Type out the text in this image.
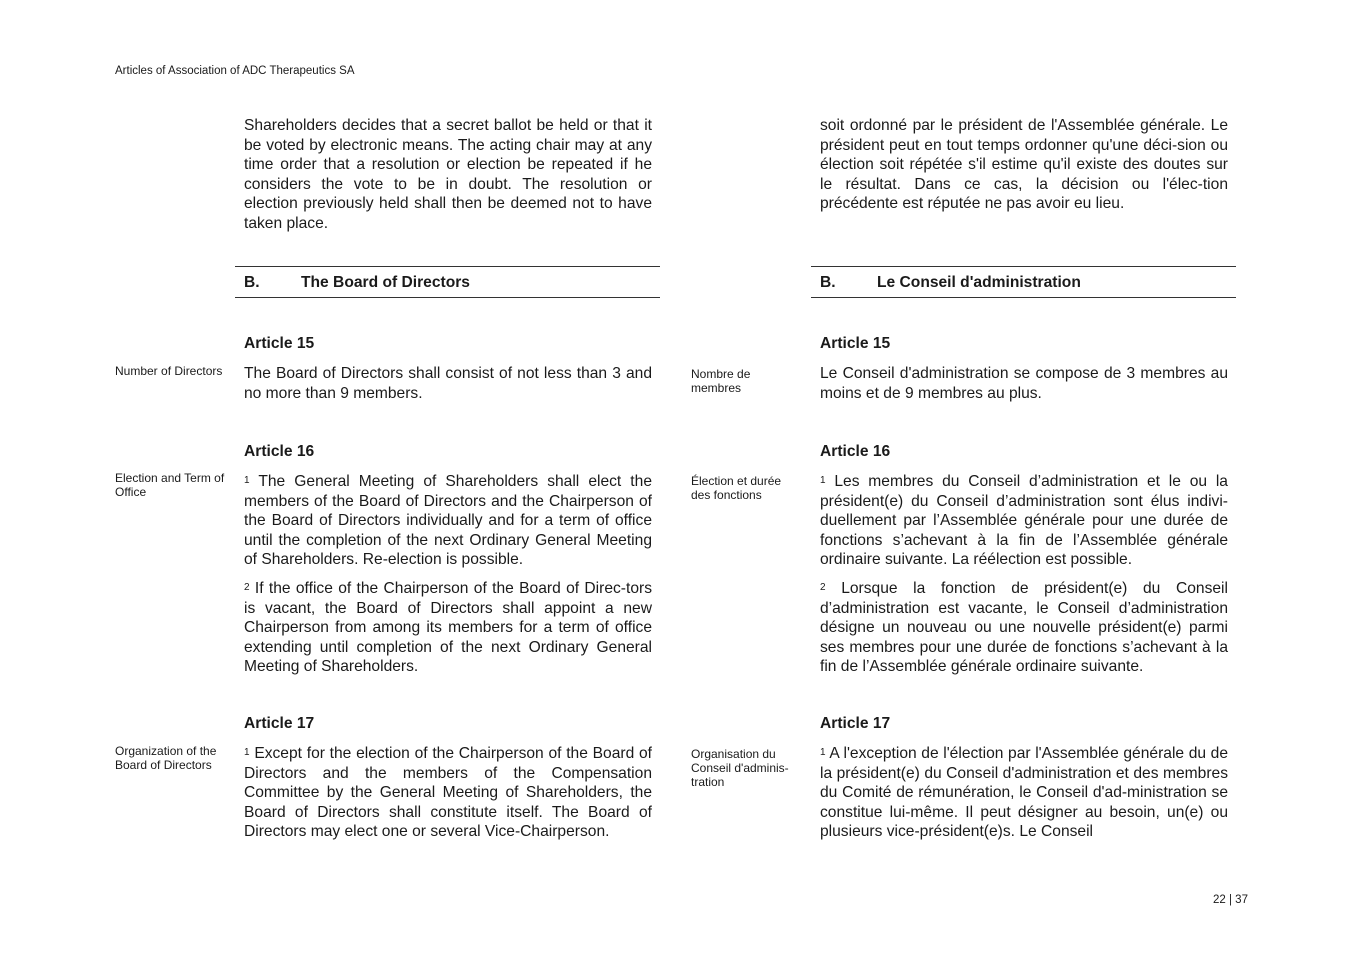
Articles of Association of ADC Therapeutics SA

Shareholders decides that a secret ballot be held or that it be voted by electronic means. The acting chair may at any time order that a resolution or election be repeated if he considers the vote to be in doubt. The resolution or election previously held shall then be deemed not to have taken place.

B.	The Board of Directors
Article 15
Number of Directors The Board of Directors shall consist of not less than 3 and no more than 9 members.

Article 16
Election and Term of Office

$^1$ The General Meeting of Shareholders shall elect the members of the Board of Directors and the Chairperson of the Board of Directors individually and for a term of office until the completion of the next Ordinary General Meeting of Shareholders. Re-election is possible.

$^2$ If the office of the Chairperson of the Board of Direc-tors is vacant, the Board of Directors shall appoint a new Chairperson from among its members for a term of office extending until completion of the next Ordinary General Meeting of Shareholders.

Article 17
Organization of the Board of Directors

$^1$ Except for the election of the Chairperson of the Board of Directors and the members of the Compensation Committee by the General Meeting of Shareholders, the Board of Directors shall constitute itself. The Board of Directors may elect one or several Vice-Chairperson.

soit ordonné par le président de l'Assemblée générale. Le président peut en tout temps ordonner qu'une déci-sion ou élection soit répétée s'il estime qu'il existe des doutes sur le résultat. Dans ce cas, la décision ou l'élec-tion précédente est réputée ne pas avoir eu lieu.

B.	Le Conseil d'administration
Article 15
Nombre de membres

Le Conseil d'administration se compose de 3 membres au moins et de 9 membres au plus.

Article 16
Élection et durée des fonctions

$^1$ Les membres du Conseil d’administration et le ou la président(e) du Conseil d’administration sont élus indivi-duellement par l’Assemblée générale pour une durée de fonctions s’achevant à la fin de l’Assemblée générale ordinaire suivante. La réélection est possible.

$^2$ Lorsque la fonction de président(e) du Conseil d’administration est vacante, le Conseil d’administration désigne un nouveau ou une nouvelle président(e) parmi ses membres pour une durée de fonctions s’achevant à la fin de l’Assemblée générale ordinaire suivante.

Article 17
Organisation du Conseil d'adminis-tration

$^1$ A l'exception de l'élection par l'Assemblée générale du de la président(e) du Conseil d'administration et des membres du Comité de rémunération, le Conseil d'ad-ministration se constitue lui-même. Il peut désigner au besoin, un(e) ou plusieurs vice-président(e)s. Le Conseil

22 | 37
